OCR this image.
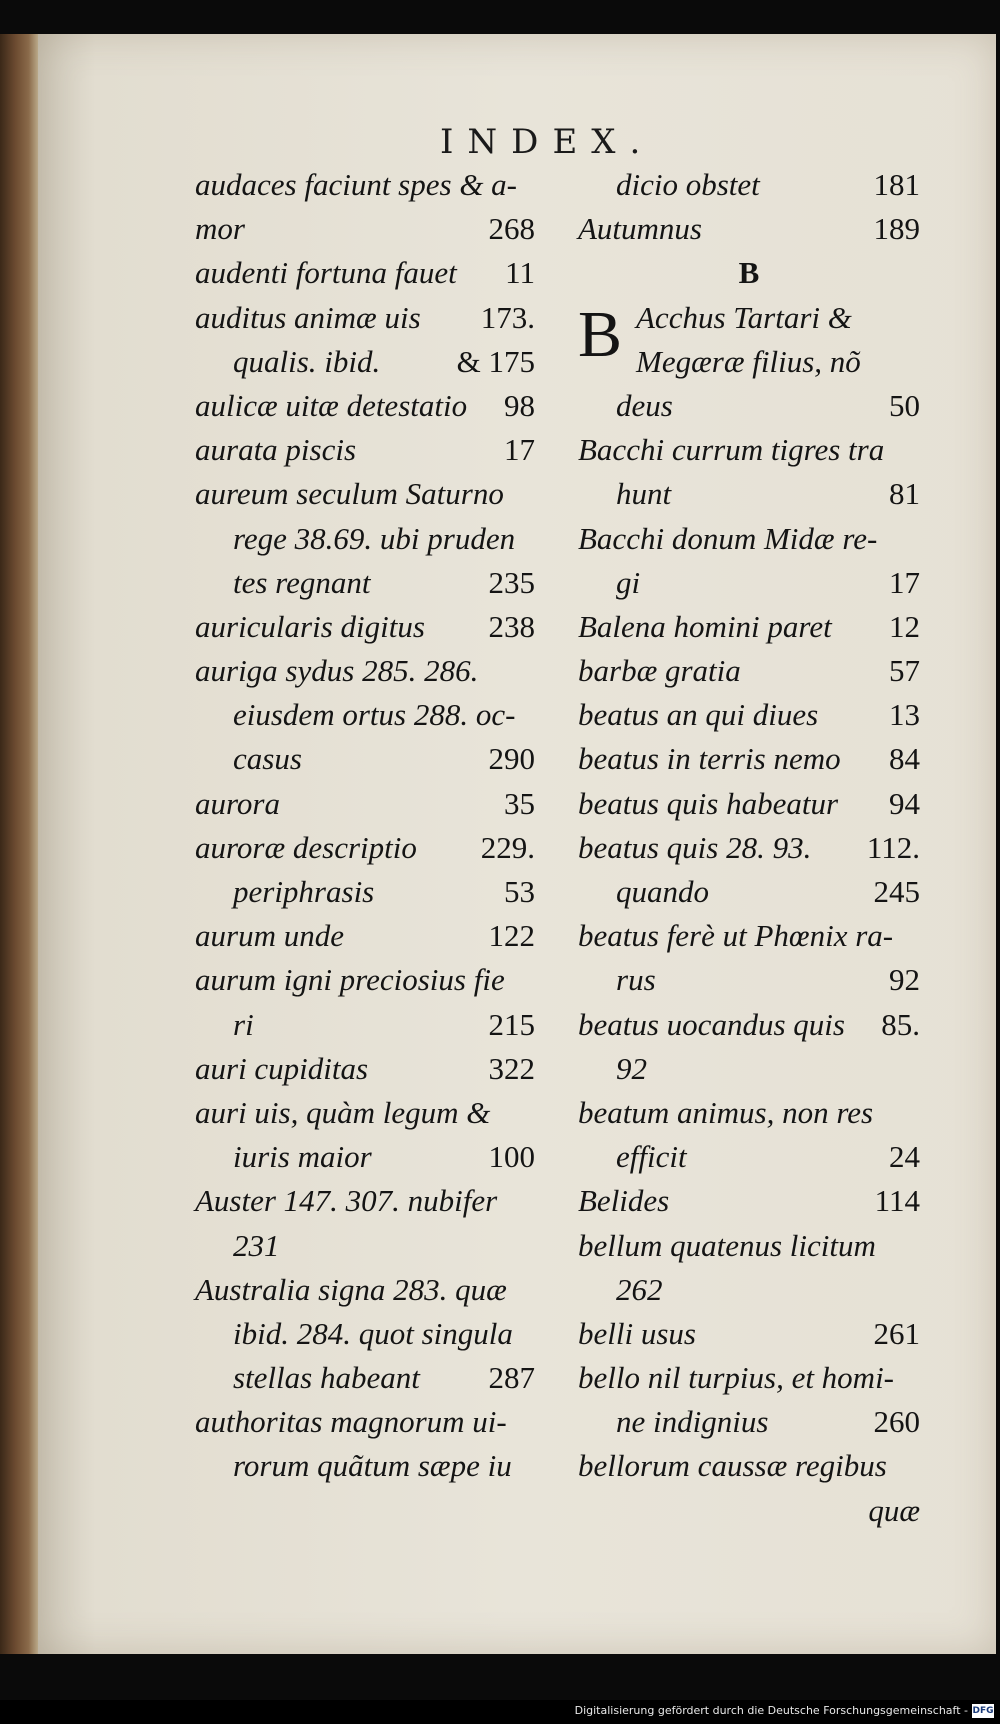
INDEX.
audaces faciunt spes & a-
mor	268
audenti fortuna fauet 11
auditus animæ uis 173.
qualis. ibid. & 175
aulicæ uitæ detestatio 98
aurata piscis	17
aureum seculum Saturno
rege 38.69. ubi pruden
tes regnant	235
auricularis digitus 238
auriga sydus 285. 286.
eiusdem ortus 288. oc-
casus	290
aurora	35
auroræ descriptio 229.
periphrasis	53
aurum unde	122
aurum igni preciosius fie
ri	215
auri cupiditas	322
auri uis, quàm legum &
iuris maior	100
Auster 147. 307. nubifer
231
Australia signa 283. quæ
ibid. 284. quot singula
stellas habeant 287
authoritas magnorum ui-
rorum quãtum sæpe iu
dicio obstet	181
Autumnus	189
B
Acchus Tartari &
B Megæræ filius, nõ
deus	50
Bacchi currum tigres tra
hunt	81
Bacchi donum Midæ re-
gi	17
Balena homini paret 12
barbæ gratia	57
beatus an qui diues 13
beatus in terris nemo 84
beatus quis habeatur 94
beatus quis 28. 93. 112.
quando	245
beatus ferè ut Phœnix ra-
rus	92
beatus uocandus quis 85.
92
beatum animus, non res
efficit	24
Belides	114
bellum quatenus licitum
262
belli usus	261
bello nil turpius, et homi-
ne indignius	260
bellorum caussæ regibus
quæ
Digitalisierung gefördert durch die Deutsche Forschungsgemeinschaft - DFG
